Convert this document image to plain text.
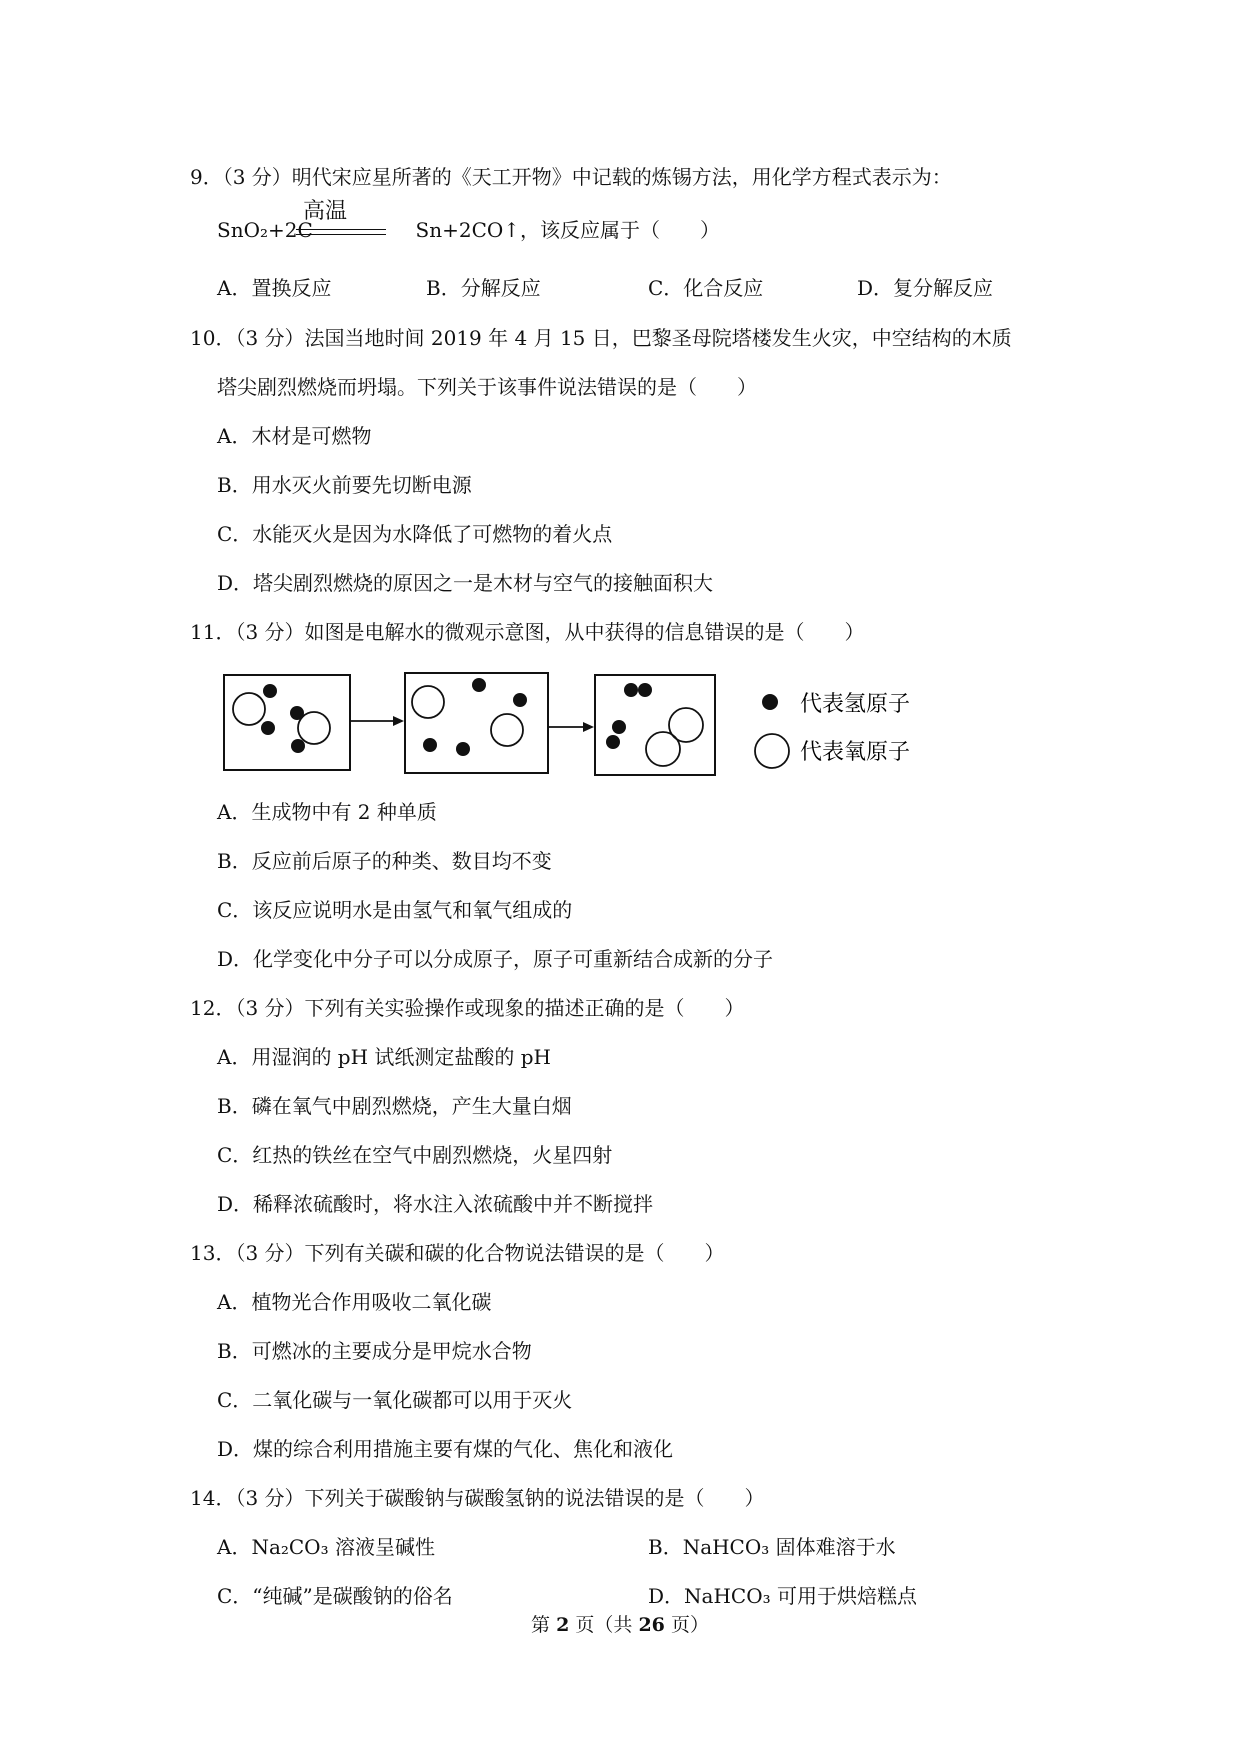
9．（3 分）明代宋应星所著的《天工开物》中记载的炼锡方法，用化学方程式表示为：
高温
SnO₂+2C	Sn+2CO↑，该反应属于（　　）
A．置换反应	B．分解反应	C．化合反应	D．复分解反应
10．（3 分）法国当地时间 2019 年 4 月 15 日，巴黎圣母院塔楼发生火灾，中空结构的木质
塔尖剧烈燃烧而坍塌。下列关于该事件说法错误的是（　　）
A．木材是可燃物
B．用水灭火前要先切断电源
C．水能灭火是因为水降低了可燃物的着火点
D．塔尖剧烈燃烧的原因之一是木材与空气的接触面积大
11．（3 分）如图是电解水的微观示意图，从中获得的信息错误的是（　　）
代表氢原子
代表氧原子
A．生成物中有 2 种单质
B．反应前后原子的种类、数目均不变
C．该反应说明水是由氢气和氧气组成的
D．化学变化中分子可以分成原子，原子可重新结合成新的分子
12．（3 分）下列有关实验操作或现象的描述正确的是（　　）
A．用湿润的 pH 试纸测定盐酸的 pH
B．磷在氧气中剧烈燃烧，产生大量白烟
C．红热的铁丝在空气中剧烈燃烧，火星四射
D．稀释浓硫酸时，将水注入浓硫酸中并不断搅拌
13．（3 分）下列有关碳和碳的化合物说法错误的是（　　）
A．植物光合作用吸收二氧化碳
B．可燃冰的主要成分是甲烷水合物
C．二氧化碳与一氧化碳都可以用于灭火
D．煤的综合利用措施主要有煤的气化、焦化和液化
14．（3 分）下列关于碳酸钠与碳酸氢钠的说法错误的是（　　）
A．Na₂CO₃ 溶液呈碱性	B．NaHCO₃ 固体难溶于水
C．“纯碱”是碳酸钠的俗名	D．NaHCO₃ 可用于烘焙糕点
第 2 页（共 26 页）
